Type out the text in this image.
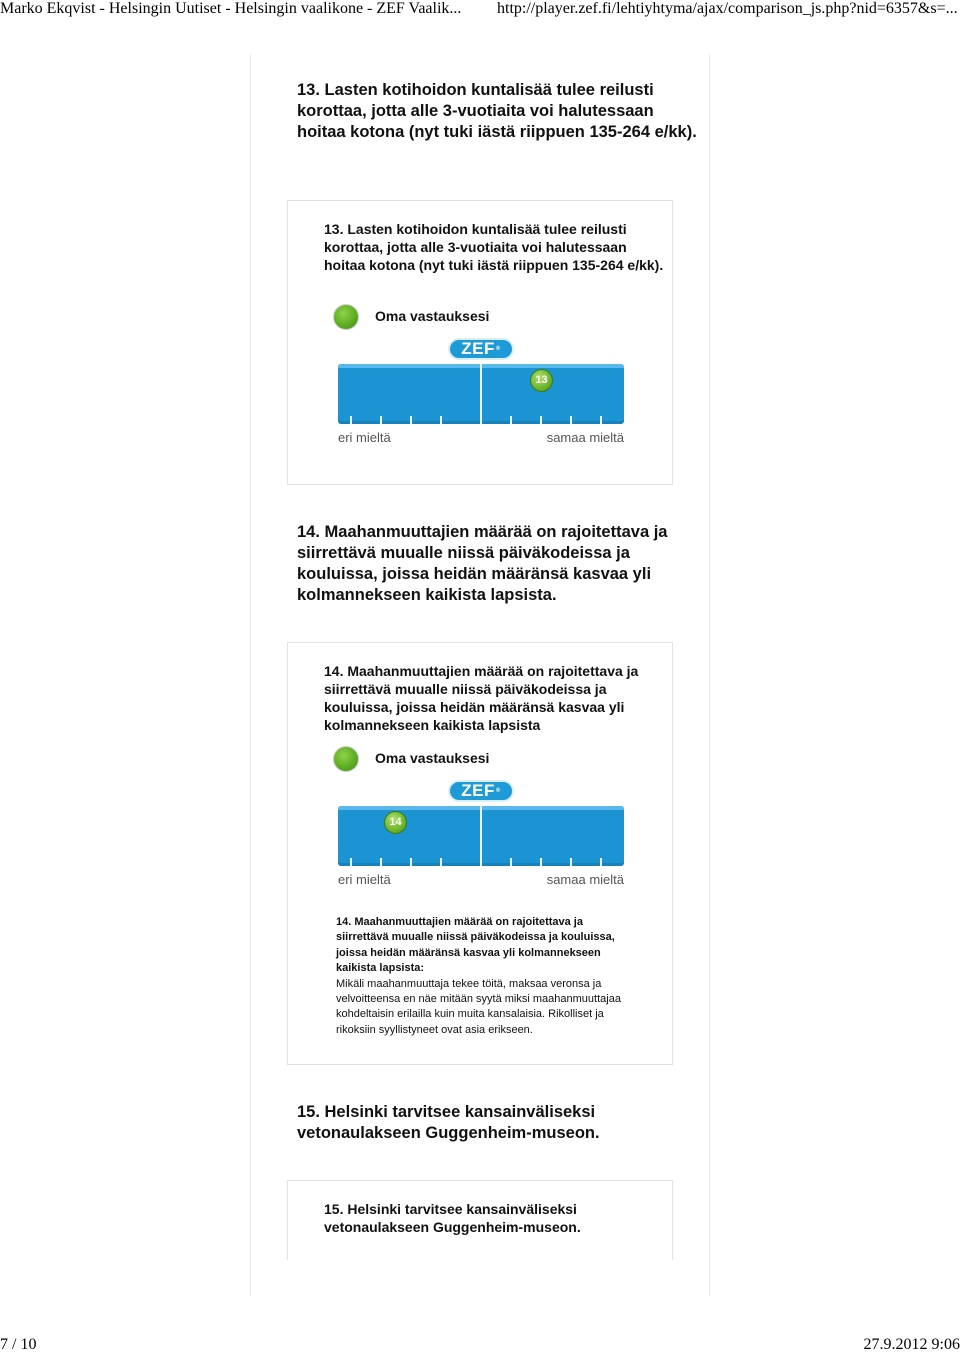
Marko Ekqvist - Helsingin Uutiset - Helsingin vaalikone - ZEF Vaalik... http://player.zef.fi/lehtiyhtyma/ajax/comparison_js.php?nid=6357&s=...

13. Lasten kotihoidon kuntalisää tulee reilusti korottaa, jotta alle 3-vuotiaita voi halutessaan hoitaa kotona (nyt tuki iästä riippuen 135-264 e/kk).

13. Lasten kotihoidon kuntalisää tulee reilusti korottaa, jotta alle 3-vuotiaita voi halutessaan hoitaa kotona (nyt tuki iästä riippuen 135-264 e/kk).

Oma vastauksesi
ZEF®
13
eri mieltä	samaa mieltä

14. Maahanmuuttajien määrää on rajoitettava ja siirrettävä muualle niissä päiväkodeissa ja kouluissa, joissa heidän määränsä kasvaa yli kolmannekseen kaikista lapsista.

14. Maahanmuuttajien määrää on rajoitettava ja siirrettävä muualle niissä päiväkodeissa ja kouluissa, joissa heidän määränsä kasvaa yli kolmannekseen kaikista lapsista

Oma vastauksesi
ZEF®
14
eri mieltä	samaa mieltä

14. Maahanmuuttajien määrää on rajoitettava ja siirrettävä muualle niissä päiväkodeissa ja kouluissa, joissa heidän määränsä kasvaa yli kolmannekseen kaikista lapsista:

Mikäli maahanmuuttaja tekee töitä, maksaa veronsa ja velvoitteensa en näe mitään syytä miksi maahanmuuttajaa kohdeltaisin erilailla kuin muita kansalaisia. Rikolliset ja rikoksiin syyllistyneet ovat asia erikseen.

15. Helsinki tarvitsee kansainväliseksi vetonaulakseen Guggenheim-museon.

15. Helsinki tarvitsee kansainväliseksi vetonaulakseen Guggenheim-museon.

7 / 10	27.9.2012 9:06
